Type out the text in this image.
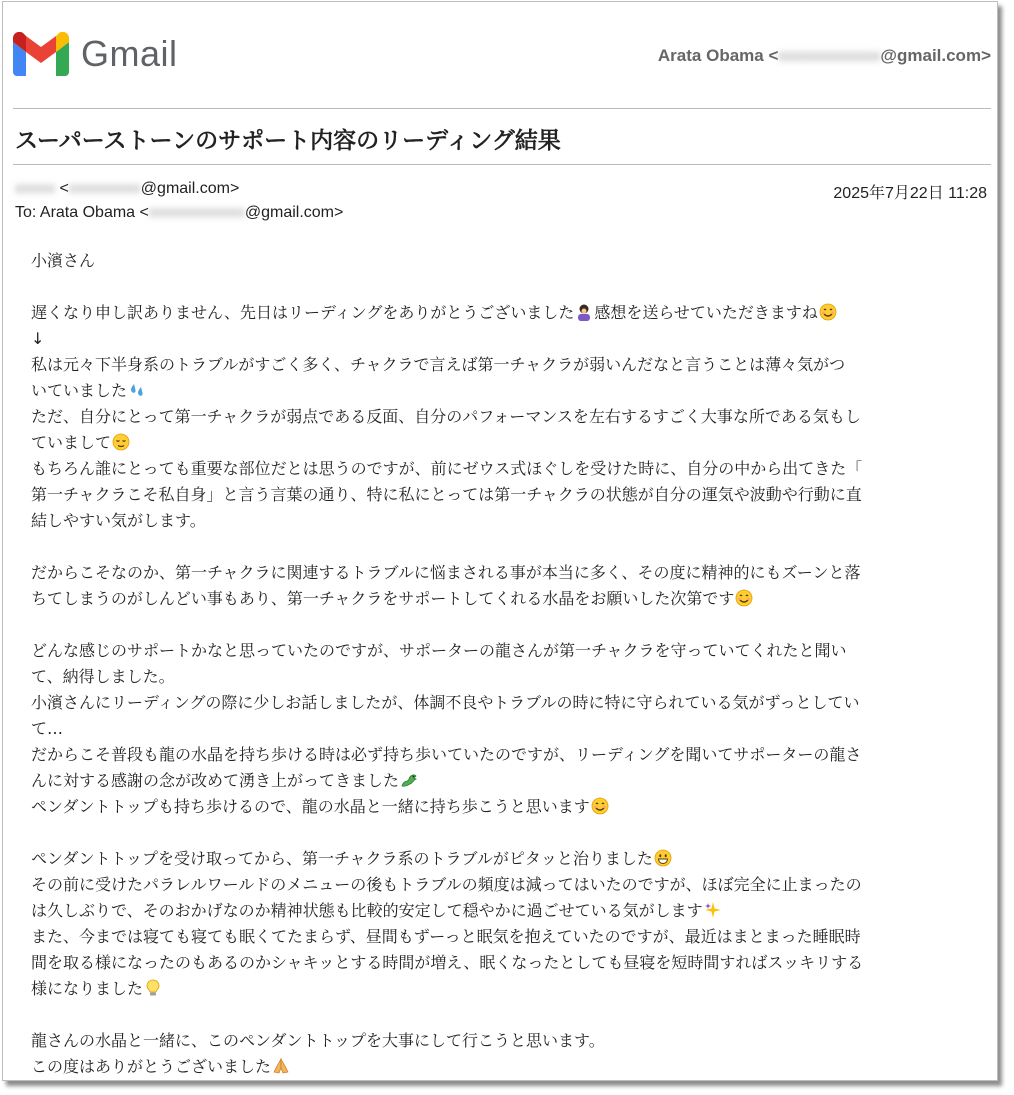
Gmail	Arata Obama <xxxxxxxxxxxx@gmail.com>
スーパーストーンのサポート内容のリーディング結果
xxxxx <xxxxxxxxx@gmail.com>	2025年7月22日 11:28
To: Arata Obama <xxxxxxxxxxxx@gmail.com>

小濱さん

遅くなり申し訳ありません、先日はリーディングをありがとうございました 感想を送らせていただきますね

↓

私は元々下半身系のトラブルがすごく多く、チャクラで言えば第一チャクラが弱いんだなと言うことは薄々気がつ

いていました

ただ、自分にとって第一チャクラが弱点である反面、自分のパフォーマンスを左右するすごく大事な所である気もし

ていまして

もちろん誰にとっても重要な部位だとは思うのですが、前にゼウス式ほぐしを受けた時に、自分の中から出てきた「

第一チャクラこそ私自身」と言う言葉の通り、特に私にとっては第一チャクラの状態が自分の運気や波動や行動に直

結しやすい気がします。

だからこそなのか、第一チャクラに関連するトラブルに悩まされる事が本当に多く、その度に精神的にもズーンと落

ちてしまうのがしんどい事もあり、第一チャクラをサポートしてくれる水晶をお願いした次第です

どんな感じのサポートかなと思っていたのですが、サポーターの龍さんが第一チャクラを守っていてくれたと聞い

て、納得しました。

小濱さんにリーディングの際に少しお話しましたが、体調不良やトラブルの時に特に守られている気がずっとしてい

て…

だからこそ普段も龍の水晶を持ち歩ける時は必ず持ち歩いていたのですが、リーディングを聞いてサポーターの龍さ

んに対する感謝の念が改めて湧き上がってきました

ペンダントトップも持ち歩けるので、龍の水晶と一緒に持ち歩こうと思います

ペンダントトップを受け取ってから、第一チャクラ系のトラブルがピタッと治りました

その前に受けたパラレルワールドのメニューの後もトラブルの頻度は減ってはいたのですが、ほぼ完全に止まったの

は久しぶりで、そのおかげなのか精神状態も比較的安定して穏やかに過ごせている気がします

また、今までは寝ても寝ても眠くてたまらず、昼間もずーっと眠気を抱えていたのですが、最近はまとまった睡眠時

間を取る様になったのもあるのかシャキッとする時間が増え、眠くなったとしても昼寝を短時間すればスッキリする

様になりました

龍さんの水晶と一緒に、このペンダントトップを大事にして行こうと思います。

この度はありがとうございました
